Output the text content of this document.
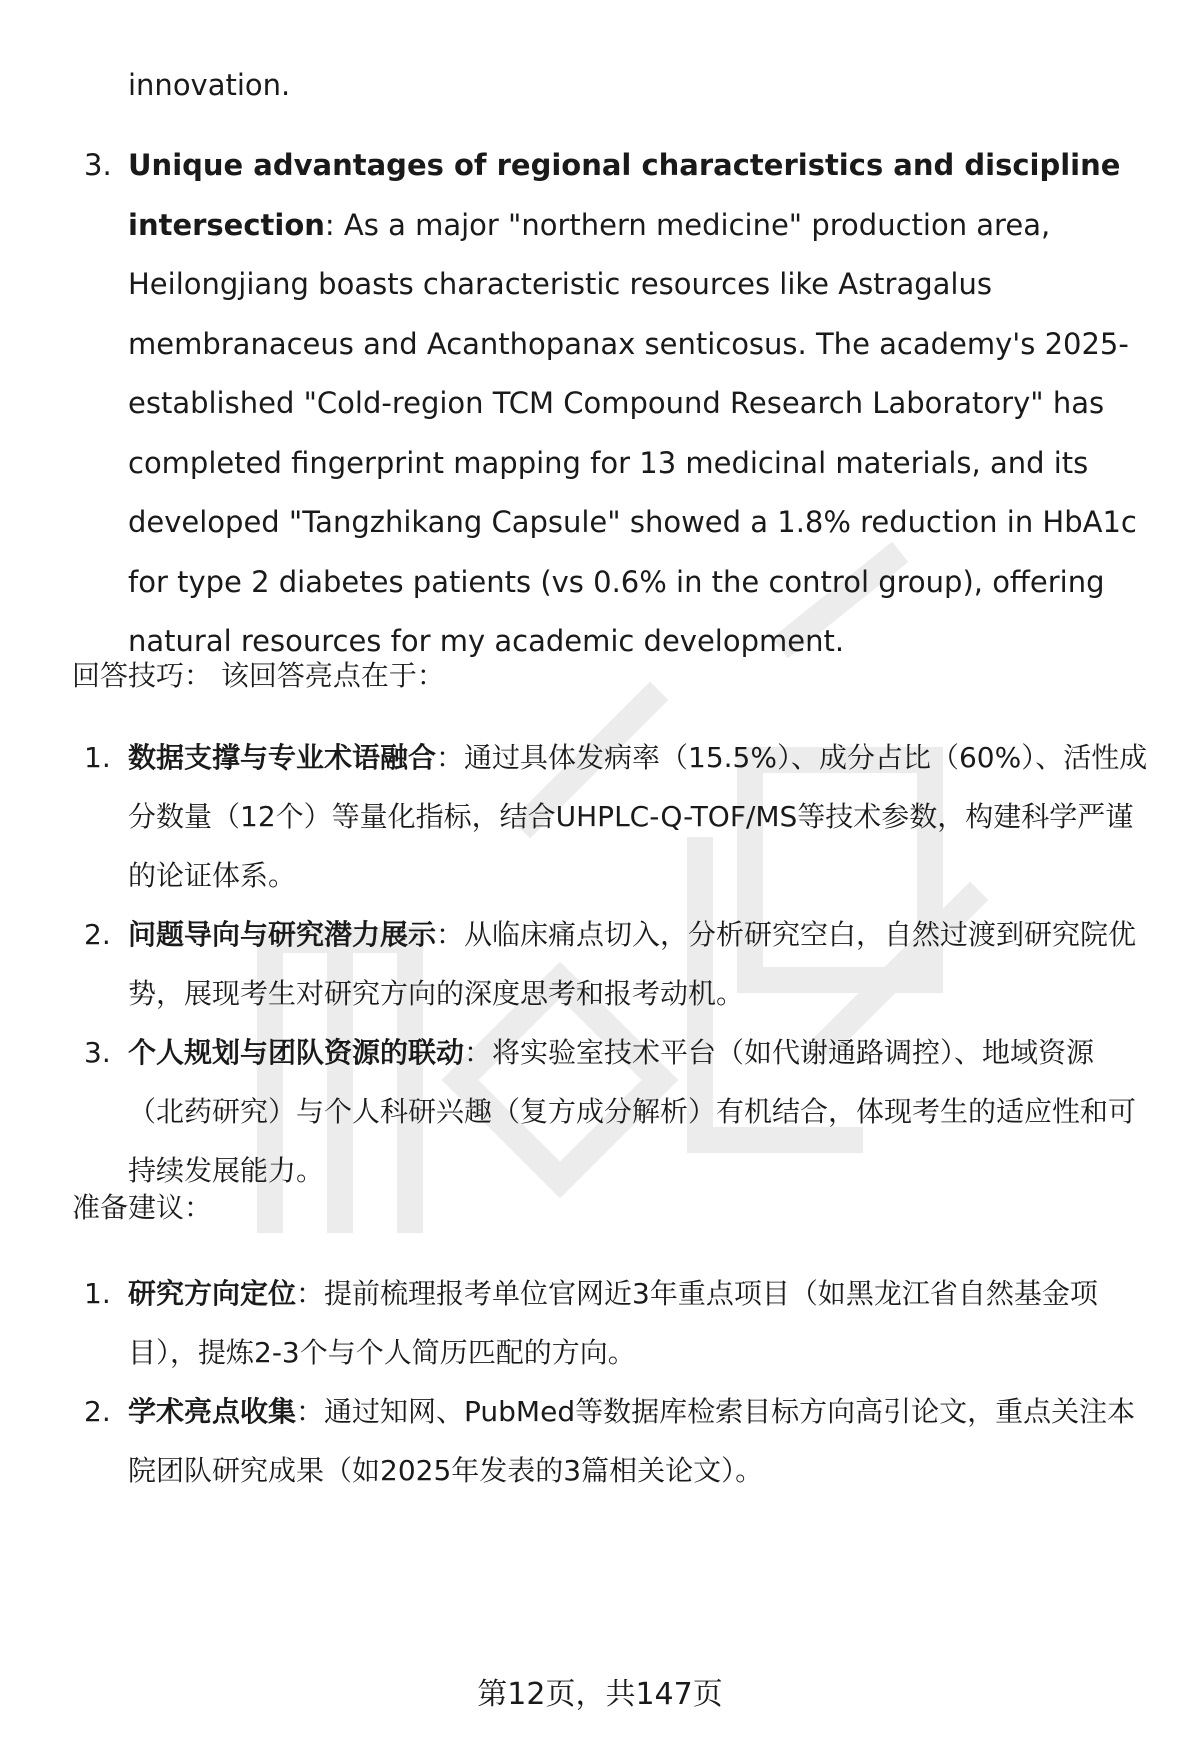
innovation.
3. Unique advantages of regional characteristics and discipline intersection: As a major "northern medicine" production area, Heilongjiang boasts characteristic resources like Astragalus membranaceus and Acanthopanax senticosus. The academy's 2025-established "Cold-region TCM Compound Research Laboratory" has completed fingerprint mapping for 13 medicinal materials, and its developed "Tangzhikang Capsule" showed a 1.8% reduction in HbA1c for type 2 diabetes patients (vs 0.6% in the control group), offering natural resources for my academic development.
回答技巧： 该回答亮点在于：
1. 数据支撑与专业术语融合：通过具体发病率（15.5%）、成分占比（60%）、活性成分数量（12个）等量化指标，结合UHPLC-Q-TOF/MS等技术参数，构建科学严谨的论证体系。
2. 问题导向与研究潜力展示：从临床痛点切入，分析研究空白，自然过渡到研究院优势，展现考生对研究方向的深度思考和报考动机。
3. 个人规划与团队资源的联动：将实验室技术平台（如代谢通路调控）、地域资源（北药研究）与个人科研兴趣（复方成分解析）有机结合，体现考生的适应性和可持续发展能力。
准备建议：
1. 研究方向定位：提前梳理报考单位官网近3年重点项目（如黑龙江省自然基金项目），提炼2-3个与个人简历匹配的方向。
2. 学术亮点收集：通过知网、PubMed等数据库检索目标方向高引论文，重点关注本院团队研究成果（如2025年发表的3篇相关论文）。
第12页，共147页
